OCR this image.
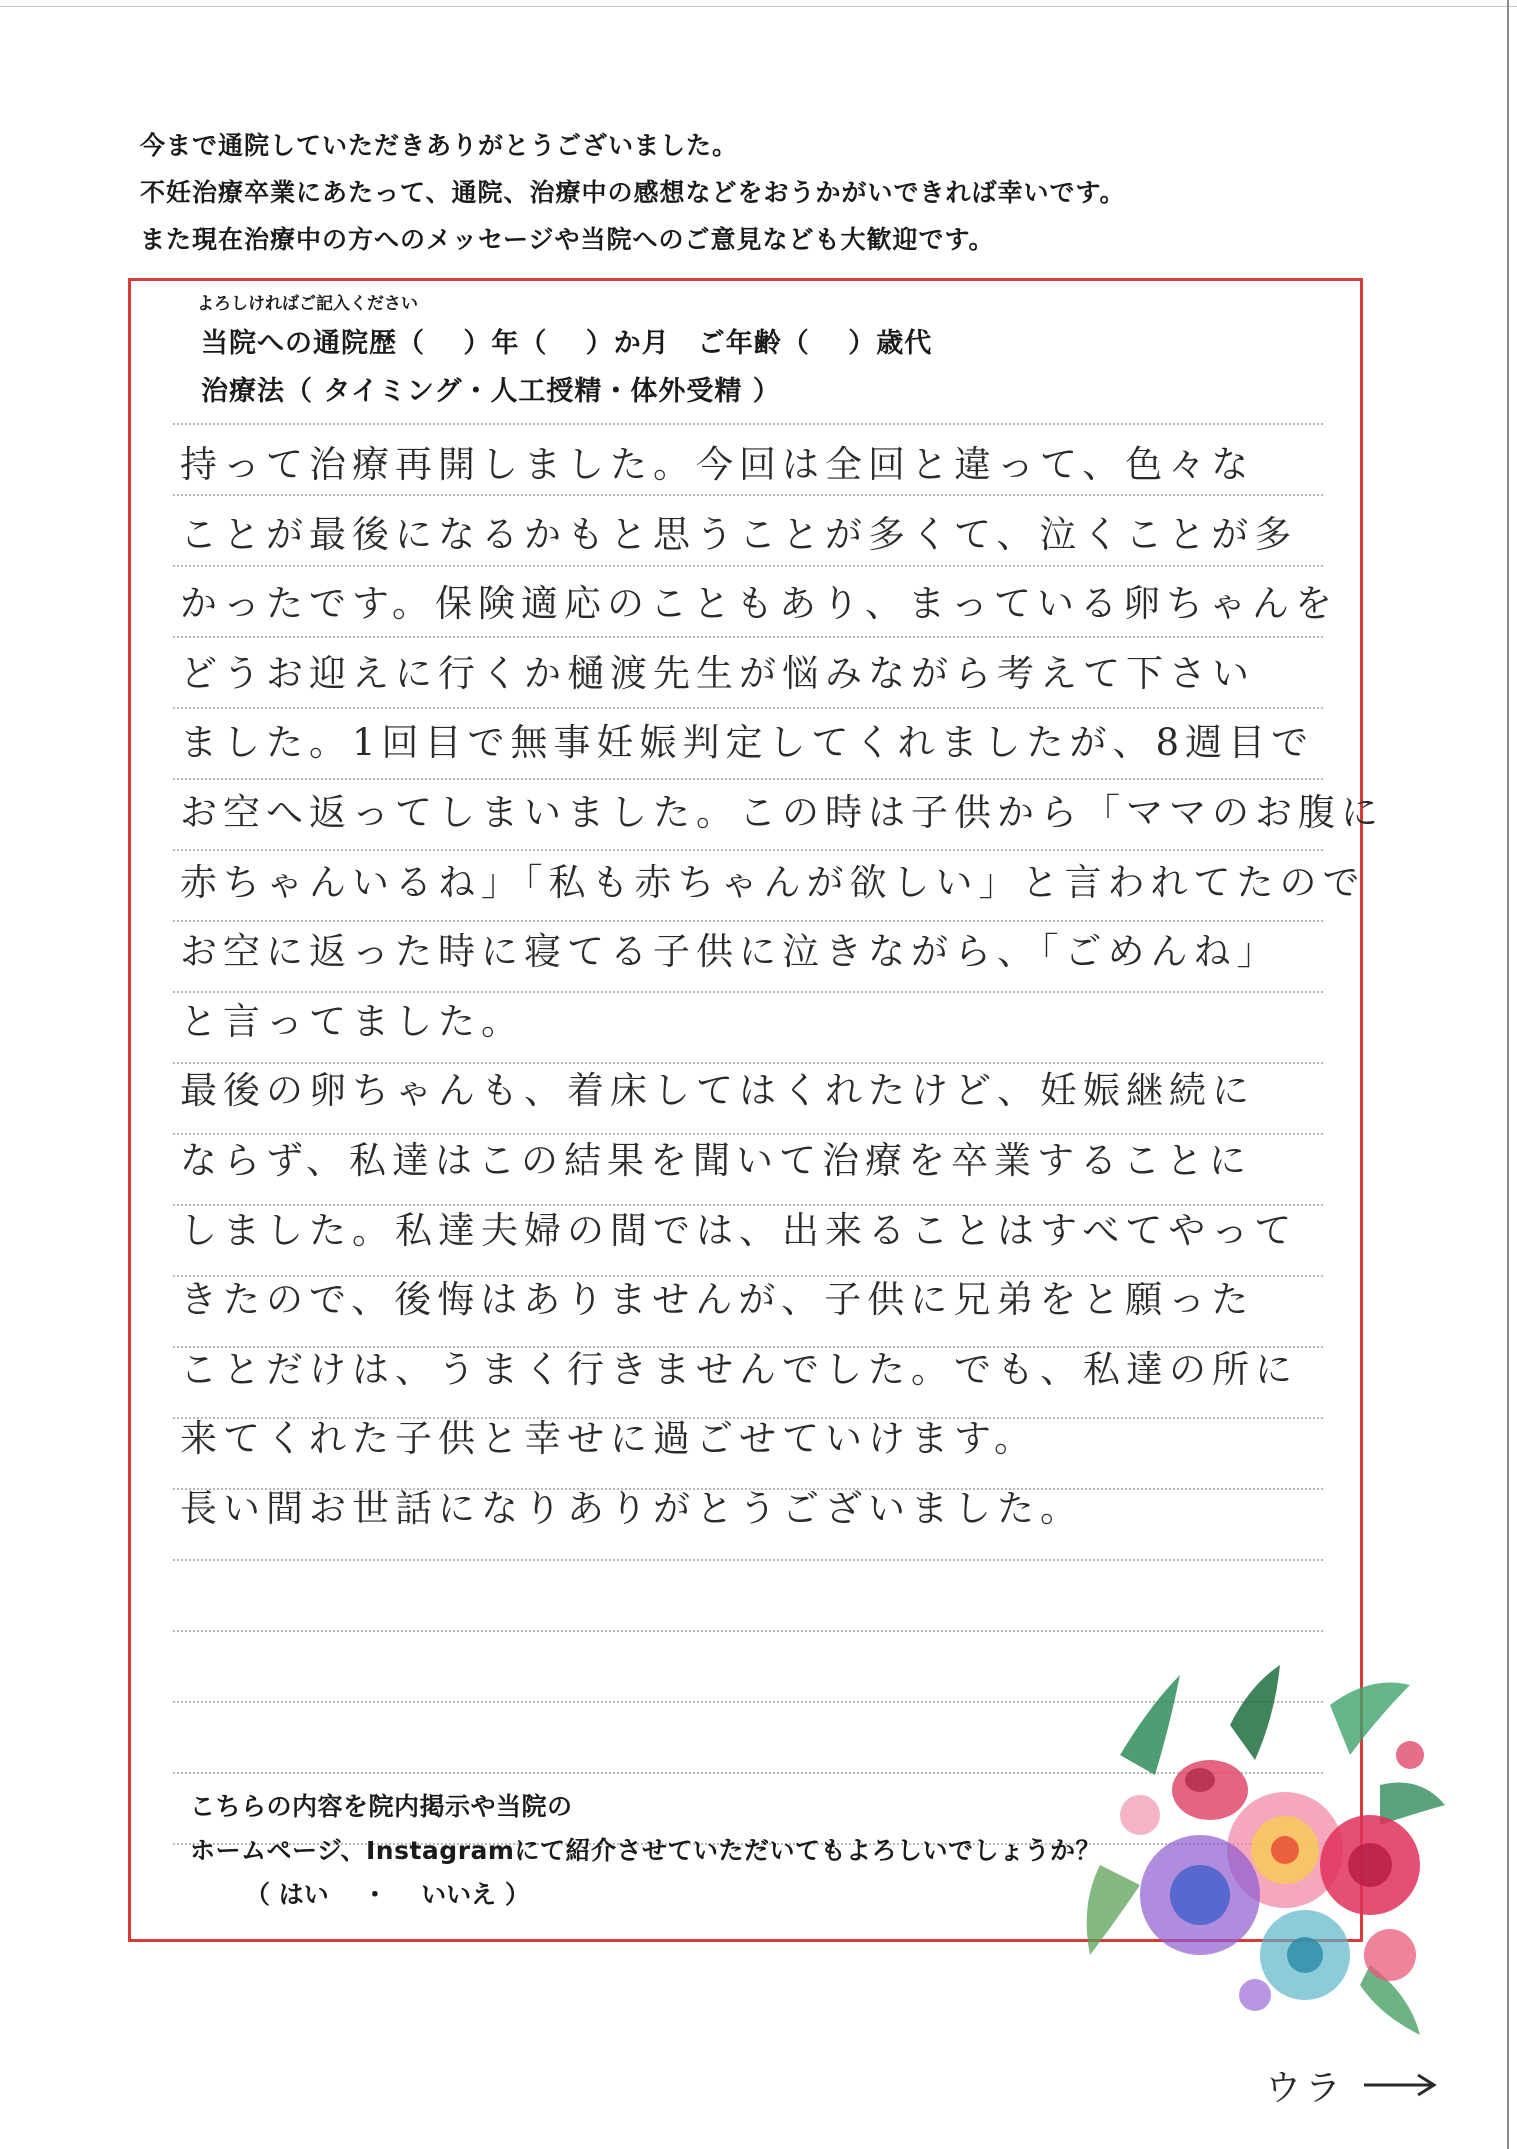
今まで通院していただきありがとうございました。

不妊治療卒業にあたって、通院、治療中の感想などをおうかがいできれば幸いです。

また現在治療中の方へのメッセージや当院へのご意見なども大歓迎です。

よろしければご記入ください
当院への通院歴（　 ）年（　 ）か月　ご年齢（　 ）歳代
治療法（ タイミング・人工授精・体外受精 ）

持って治療再開しました。今回は全回と違って、色々な

ことが最後になるかもと思うことが多くて、泣くことが多

かったです。保険適応のこともあり、まっている卵ちゃんを

どうお迎えに行くか樋渡先生が悩みながら考えて下さい

ました。1回目で無事妊娠判定してくれましたが、8週目で

お空へ返ってしまいました。この時は子供から「ママのお腹に

赤ちゃんいるね」「私も赤ちゃんが欲しい」と言われてたので

お空に返った時に寝てる子供に泣きながら、「ごめんね」

と言ってました。

最後の卵ちゃんも、着床してはくれたけど、妊娠継続に

ならず、私達はこの結果を聞いて治療を卒業することに

しました。私達夫婦の間では、出来ることはすべてやって

きたので、後悔はありませんが、子供に兄弟をと願った

ことだけは、うまく行きませんでした。でも、私達の所に

来てくれた子供と幸せに過ごせていけます。

長い間お世話になりありがとうございました。

こちらの内容を院内掲示や当院の
ホームページ、Instagramにて紹介させていただいてもよろしいでしょうか？
（ はい　 ・　 いいえ ）
ウラ
